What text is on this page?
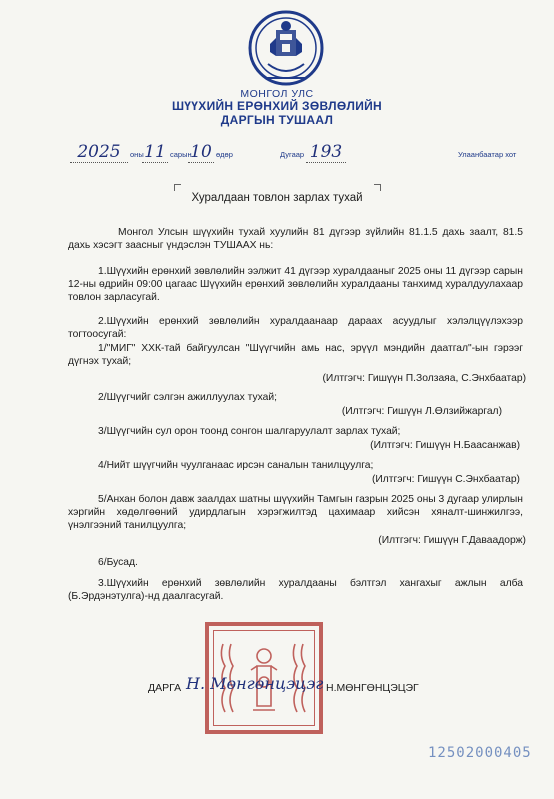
МОНГОЛ УЛС
ШҮҮХИЙН ЕРӨНХИЙ ЗӨВЛӨЛИЙН
ДАРГЫН ТУШААЛ
2025	оны 11 сарын
10 өдөр	Дугаар 193	Улаанбаатар хот
Хуралдаан товлон зарлах тухай
Монгол Улсын шүүхийн тухай хуулийн 81 дүгээр зүйлийн 81.1.5 дахь заалт, 81.5 дахь хэсэгт заасныг үндэслэн ТУШААХ нь:
1.Шүүхийн ерөнхий зөвлөлийн ээлжит 41 дүгээр хуралдааныг 2025 оны 11 дүгээр сарын 12-ны өдрийн 09:00 цагаас Шүүхийн ерөнхий зөвлөлийн хуралдааны танхимд хуралдуулахаар товлон зарласугай.
2.Шүүхийн ерөнхий зөвлөлийн хуралдаанаар дараах асуудлыг хэлэлцүүлэхээр тогтоосугай:
1/"МИГ" ХХК-тай байгуулсан "Шүүгчийн амь нас, эрүүл мэндийн даатгал"-ын гэрээг дүгнэх тухай;
(Илтгэгч: Гишүүн П.Золзаяа, С.Энхбаатар)
2/Шүүгчийг сэлгэн ажиллуулах тухай;
(Илтгэгч: Гишүүн Л.Өлзийжаргал)
3/Шүүгчийн сул орон тоонд сонгон шалгаруулалт зарлах тухай;
(Илтгэгч: Гишүүн Н.Баасанжав)
4/Нийт шүүгчийн чуулганаас ирсэн саналын танилцуулга;
(Илтгэгч: Гишүүн С.Энхбаатар)
5/Анхан болон давж заалдах шатны шүүхийн Тамгын газрын 2025 оны 3 дугаар улирлын хэргийн хөдөлгөөний удирдлагын хэрэгжилтэд цахимаар хийсэн хяналт-шинжилгээ, үнэлгээний танилцуулга;
(Илтгэгч: Гишүүн Г.Даваадорж)
6/Бусад.
3.Шүүхийн ерөнхий зөвлөлийн хуралдааны бэлтгэл хангахыг ажлын алба (Б.Эрдэнэтулга)-нд даалгасугай.
ДАРГА Н. Мөнгөнцэцэг Н.МӨНГӨНЦЭЦЭГ
12502000405
